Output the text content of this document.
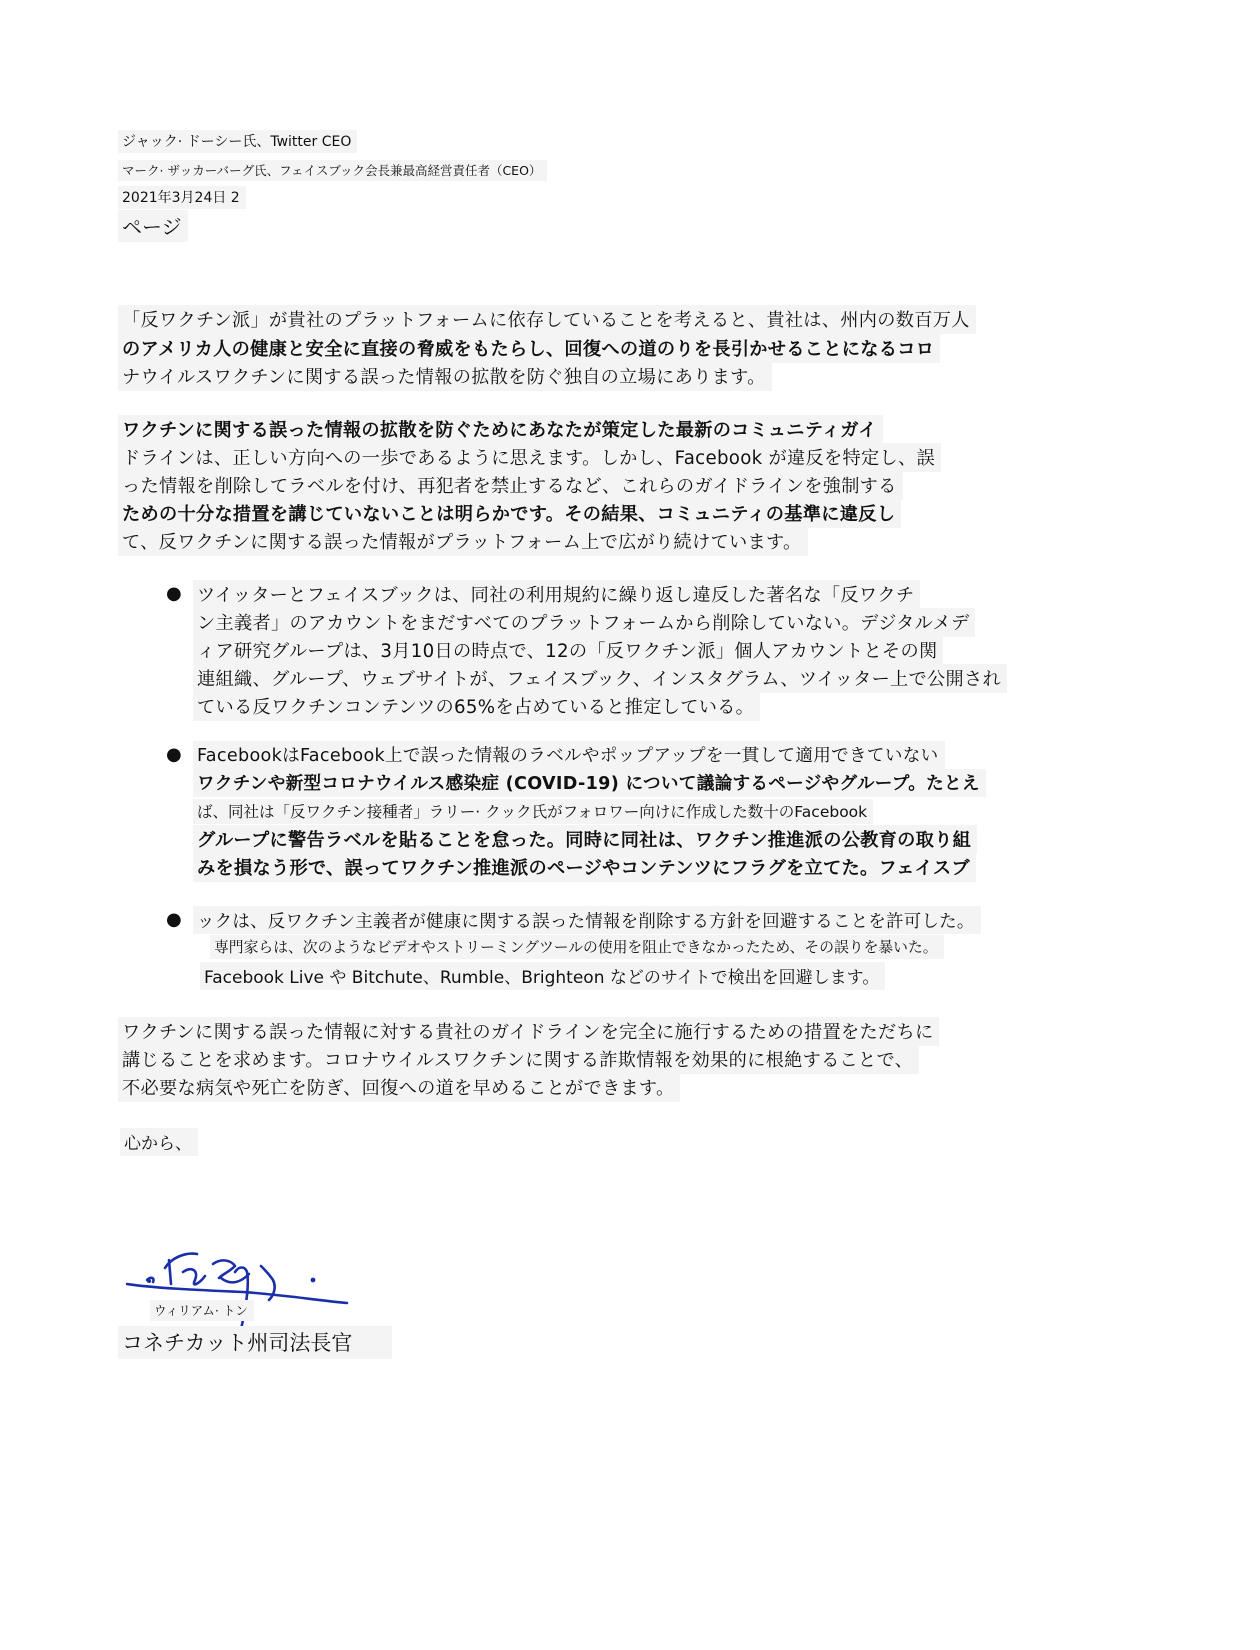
ジャック· ドーシー氏、Twitter CEO
マーク· ザッカーバーグ氏、フェイスブック会長兼最高経営責任者（CEO）
2021年3月24日 2
ページ
「反ワクチン派」が貴社のプラットフォームに依存していることを考えると、貴社は、州内の数百万人
のアメリカ人の健康と安全に直接の脅威をもたらし、回復への道のりを長引かせることになるコロ
ナウイルスワクチンに関する誤った情報の拡散を防ぐ独自の立場にあります。
ワクチンに関する誤った情報の拡散を防ぐためにあなたが策定した最新のコミュニティガイ
ドラインは、正しい方向への一歩であるように思えます。しかし、Facebook が違反を特定し、誤
った情報を削除してラベルを付け、再犯者を禁止するなど、これらのガイドラインを強制する
ための十分な措置を講じていないことは明らかです。その結果、コミュニティの基準に違反し
て、反ワクチンに関する誤った情報がプラットフォーム上で広がり続けています。
● ツイッターとフェイスブックは、同社の利用規約に繰り返し違反した著名な「反ワクチ
ン主義者」のアカウントをまだすべてのプラットフォームから削除していない。デジタルメデ
ィア研究グループは、3月10日の時点で、12の「反ワクチン派」個人アカウントとその関
連組織、グループ、ウェブサイトが、フェイスブック、インスタグラム、ツイッター上で公開され
ている反ワクチンコンテンツの65%を占めていると推定している。
● FacebookはFacebook上で誤った情報のラベルやポップアップを一貫して適用できていない
ワクチンや新型コロナウイルス感染症 (COVID-19) について議論するページやグループ。たとえ
ば、同社は「反ワクチン接種者」ラリー· クック氏がフォロワー向けに作成した数十のFacebook
グループに警告ラベルを貼ることを怠った。同時に同社は、ワクチン推進派の公教育の取り組
みを損なう形で、誤ってワクチン推進派のページやコンテンツにフラグを立てた。フェイスブ
● ックは、反ワクチン主義者が健康に関する誤った情報を削除する方針を回避することを許可した。
専門家らは、次のようなビデオやストリーミングツールの使用を阻止できなかったため、その誤りを暴いた。
Facebook Live や Bitchute、Rumble、Brighteon などのサイトで検出を回避します。
ワクチンに関する誤った情報に対する貴社のガイドラインを完全に施行するための措置をただちに
講じることを求めます。コロナウイルスワクチンに関する詐欺情報を効果的に根絶することで、
不必要な病気や死亡を防ぎ、回復への道を早めることができます。
心から、
ウィリアム· トン
コネチカット州司法長官
